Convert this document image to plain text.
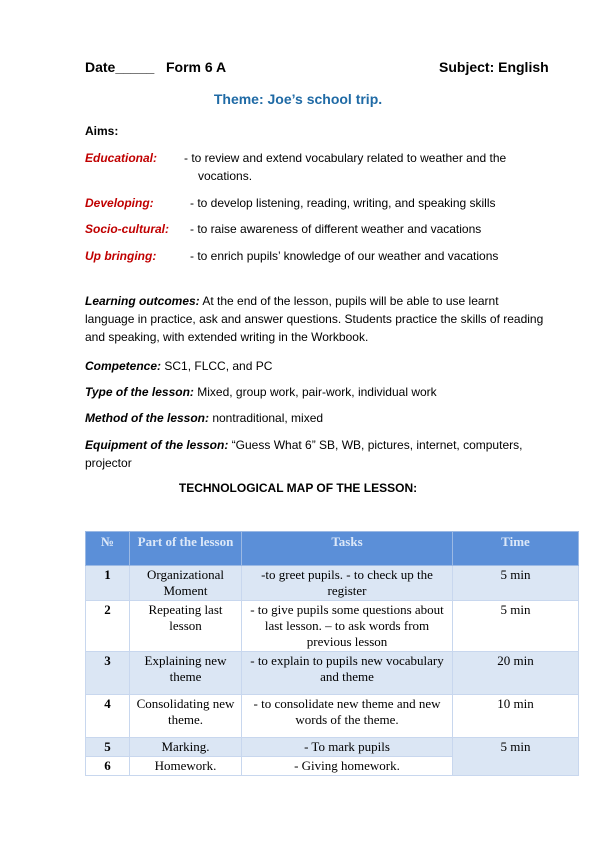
Date_____ Form 6 A	Subject: English
Theme: Joe’s school trip.
Aims:
Educational: - to review and extend vocabulary related to weather and the
vocations.
Developing:	- to develop listening, reading, writing, and speaking skills
Socio-cultural: - to raise awareness of different weather and vacations
Up bringing:	- to enrich pupils’ knowledge of our weather and vacations
Learning outcomes: At the end of the lesson, pupils will be able to use learnt language in practice, ask and answer questions. Students practice the skills of reading and speaking, with extended writing in the Workbook.
Competence: SC1, FLCC, and PC
Type of the lesson: Mixed, group work, pair-work, individual work
Method of the lesson: nontraditional, mixed
Equipment of the lesson: “Guess What 6” SB, WB, pictures, internet, computers, projector
TECHNOLOGICAL MAP OF THE LESSON:
№	Part of the lesson	Tasks	Time
1	Organizational Moment	-to greet pupils. - to check up the register	5 min
2	Repeating last lesson	- to give pupils some questions about last lesson. – to ask words from previous lesson	5 min
3	Explaining new theme	- to explain to pupils new vocabulary and theme	20 min
4	Consolidating new theme.	- to consolidate new theme and new words of the theme.	10 min
5	Marking.	- To mark pupils	5 min
6	Homework.	- Giving homework.	
